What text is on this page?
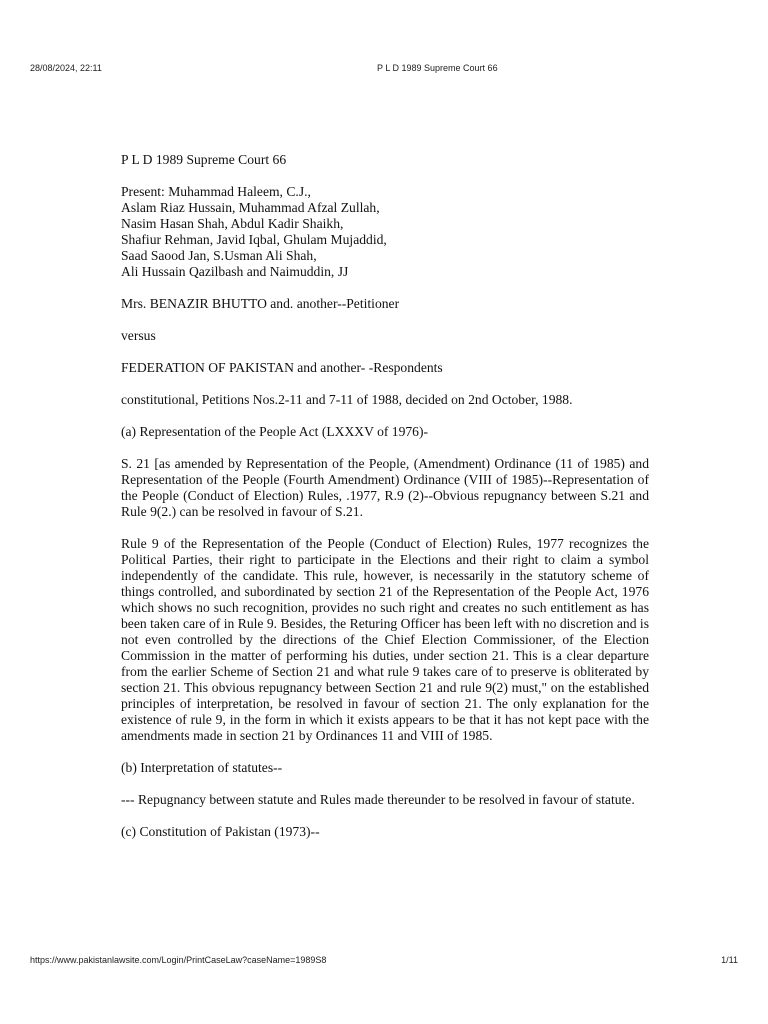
28/08/2024, 22:11	P L D 1989 Supreme Court 66

P L D 1989 Supreme Court 66

Present: Muhammad Haleem, C.J.,
Aslam Riaz Hussain, Muhammad Afzal Zullah,
Nasim Hasan Shah, Abdul Kadir Shaikh,
Shafiur Rehman, Javid Iqbal, Ghulam Mujaddid,
Saad Saood Jan, S.Usman Ali Shah,
Ali Hussain Qazilbash and Naimuddin, JJ

Mrs. BENAZIR BHUTTO and. another--Petitioner

versus

FEDERATION OF PAKISTAN and another- -Respondents

constitutional, Petitions Nos.2-11 and 7-11 of 1988, decided on 2nd October, 1988.

(a) Representation of the People Act (LXXXV of 1976)-

S. 21 [as amended by Representation of the People, (Amendment) Ordinance (11 of 1985) and Representation of the People (Fourth Amendment) Ordinance (VIII of 1985)--Representation of the People (Conduct of Election) Rules, .1977, R.9 (2)--Obvious repugnancy between S.21 and Rule 9(2.) can be resolved in favour of S.21.

Rule 9 of the Representation of the People (Conduct of Election) Rules, 1977 recognizes the Political Parties, their right to participate in the Elections and their right to claim a symbol independently of the candidate. This rule, however, is necessarily in the statutory scheme of things controlled, and subordinated by section 21 of the Representation of the People Act, 1976 which shows no such recognition, provides no such right and creates no such entitlement as has been taken care of in Rule 9. Besides, the Returing Officer has been left with no discretion and is not even controlled by the directions of the Chief Election Commissioner, of the Election Commission in the matter of performing his duties, under section 21. This is a clear departure from the earlier Scheme of Section 21 and what rule 9 takes care of to preserve is obliterated by section 21. This obvious repugnancy between Section 21 and rule 9(2) must," on the established principles of interpretation, be resolved in favour of section 21. The only explanation for the existence of rule 9, in the form in which it exists appears to be that it has not kept pace with the amendments made in section 21 by Ordinances 11 and VIII of 1985.

(b) Interpretation of statutes--

--- Repugnancy between statute and Rules made thereunder to be resolved in favour of statute.

(c) Constitution of Pakistan (1973)--

https://www.pakistanlawsite.com/Login/PrintCaseLaw?caseName=1989S8	1/11
